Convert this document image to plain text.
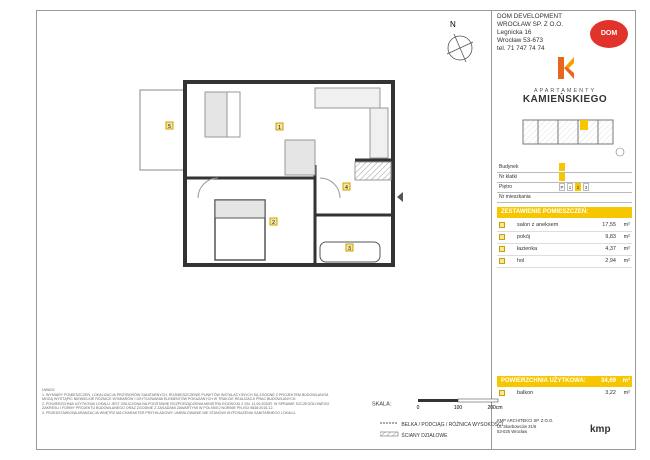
1
2
3
4
5
N
DOM DEVELOPMENT
WROCŁAW SP. Z O.O.
Legnicka 16
Wrocław 53-673
tel. 71 747 74 74
DOM
APARTAMENTY
KAMIEŃSKIEGO
Budynek
Nr klatki
Piętro	P	1	2	3
Nr mieszkania
ZESTAWIENIE POMIESZCZEŃ:
salon z aneksem	17,55 m²
pokój	9,83 m²
łazienka	4,37 m²
hol	2,94 m²
POWIERZCHNIA UŻYTKOWA:	34,69 m²
balkon	3,22 m²

UWAGI:

1. WYMIARY POMIESZCZEŃ, LOKALIZACJA PRZYBORÓW SANITARNYCH, ROZMIESZCZENIE PUNKTÓW INSTALACYJNYCH SĄ ZGODNE Z PROJEKTEM BUDOWLANYM.

MOGĄ WYSTĄPIĆ NIEWIELKIE RÓŻNICE WYMIARÓW I USYTUOWANIA ELEMENTÓW POKAZANYCH W TRAKCIE REALIZACJI PRAC BUDOWLANYCH.

2. POWIERZCHNIA UŻYTKOWA LOKALU JEST OBLICZONA NA PODSTAWIE ROZPORZĄDZENIA MINISTRA ROZWOJU Z DN. 11.09.2020R. W SPRAWIE SZCZEGÓŁOWEGO

ZAKRESU I FORMY PROJEKTU BUDOWLANEGO ORAZ ZGODNIE Z ZASADAMI ZAWARTYMI W POLSKIEJ NORMIE PN-ISO 9836:2015-12.

3. PRZEDSTAWIONA ARANŻACJA WNĘTRZ MA CHARAKTER PRZYKŁADOWY. UMEBLOWANIE NIE STANOWI WYPOSAŻENIA SANITARNEGO LOKALU.

SKALA:
0	100	200cm
BELKA / PODCIĄG / RÓŻNICA WYSOKOŚCI
ŚCIANY DZIAŁOWE
KMP ARCHITEKCI SP. Z O.O.
Ul. Skarbowców 31/6
53-025 Wrocław	kmp
